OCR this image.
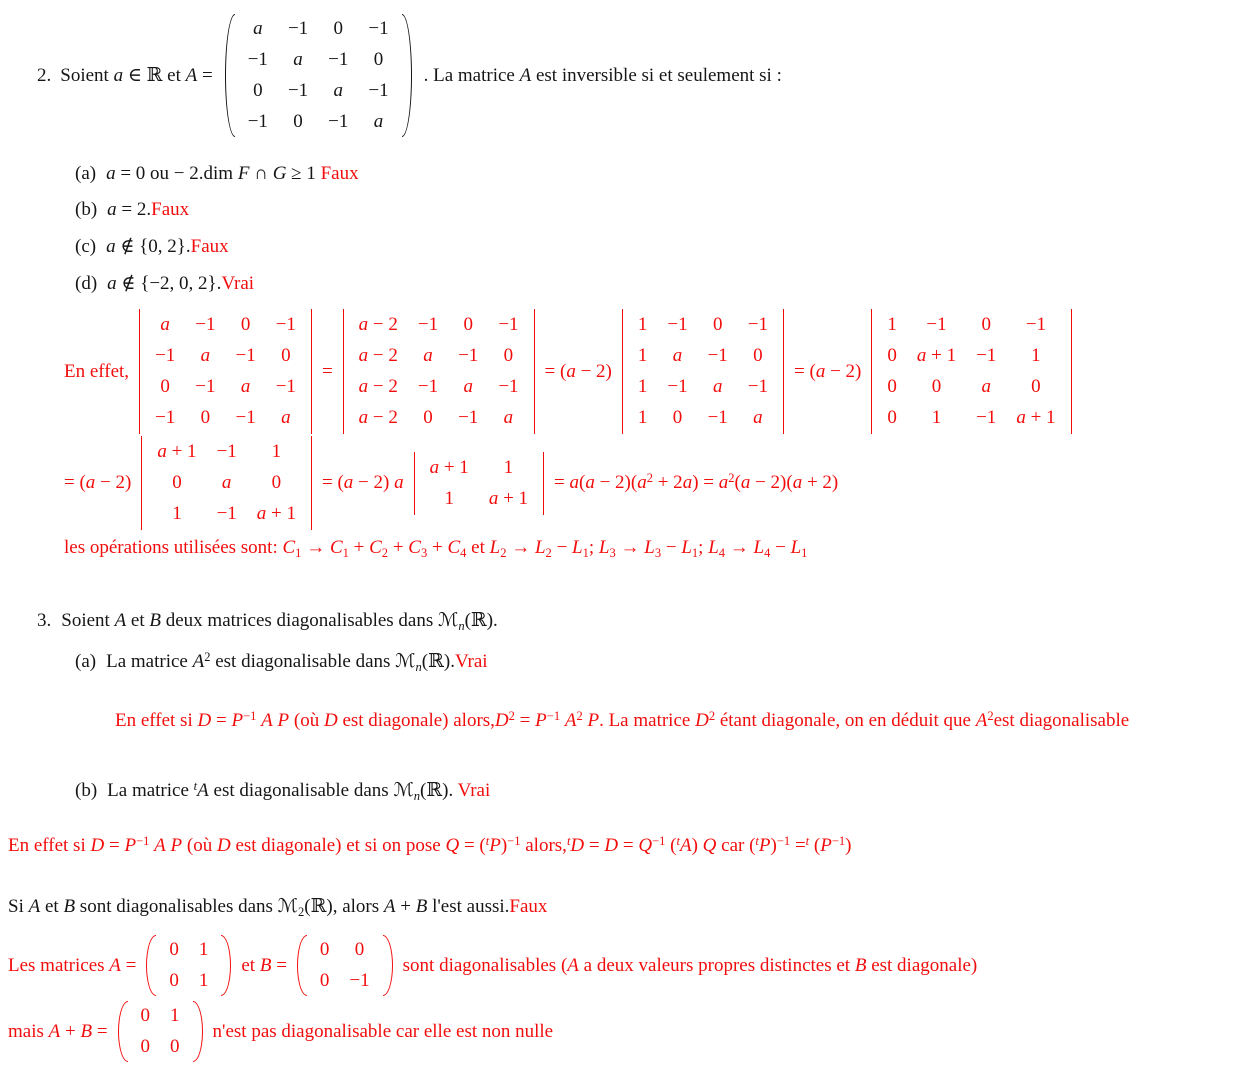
2. Soient a ∈ ℝ et A =
a	−1	0	−1
−1	a	−1	0
0	−1	a	−1
−1	0	−1	a
. La matrice A est inversible si et seulement si :
(a) a = 0 ou − 2.dim F ∩ G ≥ 1 Faux
(b) a = 2.Faux
(c) a ∉ {0, 2}.Faux
(d) a ∉ {−2, 0, 2}.Vrai
En effet,
a	−1	0	−1
−1	a	−1	0
0	−1	a	−1
−1	0	−1	a
=
a − 2	−1	0	−1
a − 2	a	−1	0
a − 2	−1	a	−1
a − 2	0	−1	a
= (a − 2)
1	−1	0	−1
1	a	−1	0
1	−1	a	−1
1	0	−1	a
= (a − 2)
1	−1	0	−1
0	a + 1	−1	1
0	0	a	0
0	1	−1	a + 1
= (a − 2)
a + 1	−1	1
0	a	0
1	−1	a + 1
= (a − 2) a
a + 1	1
1	a + 1
= $a(a - 2)(a^2 + 2a) = a^2(a - 2)(a + 2)$
les opérations utilisées sont: $C_1 \to C_1 + C_2 + C_3 + C_4$ et $L_2 \to L_2 - L_1$; $L_3 \to L_3 - L_1$; $L_4 \to L_4 - L_1$
3. Soient A et B deux matrices diagonalisables dans ℳ$_n$(ℝ).
(a) La matrice $A^2$ est diagonalisable dans ℳ$_n$(ℝ).Vrai
En effet si $D = P^{-1}$ A P (où D est diagonale) $alors,D^2 = P^{-1}$ $A^2$ P. La matrice $D^2$ étant diagonale, on en déduit que $A^2est$ diagonalisable
(b) La matrice $^t$A est diagonalisable dans ℳ$_n$(ℝ). Vrai
En effet si $D = P^{-1}$ A P (où D est diagonale) et si on pose $Q = (^tP)^{-1}$ alors,$^t$D = $D = Q^{-1}$ ($^t$A) Q car $(^tP)^{-1} =^t$ $(P^{-1})$
Si A et B sont diagonalisables dans ℳ$_2$(ℝ), alors A + B l'est aussi.Faux
Les matrices A =
0	1
0	1
et B =
0	0
0	−1
sont diagonalisables (A a deux valeurs propres distinctes et B est diagonale)
mais A + B =
0	1
0	0
n'est pas diagonalisable car elle est non nulle
